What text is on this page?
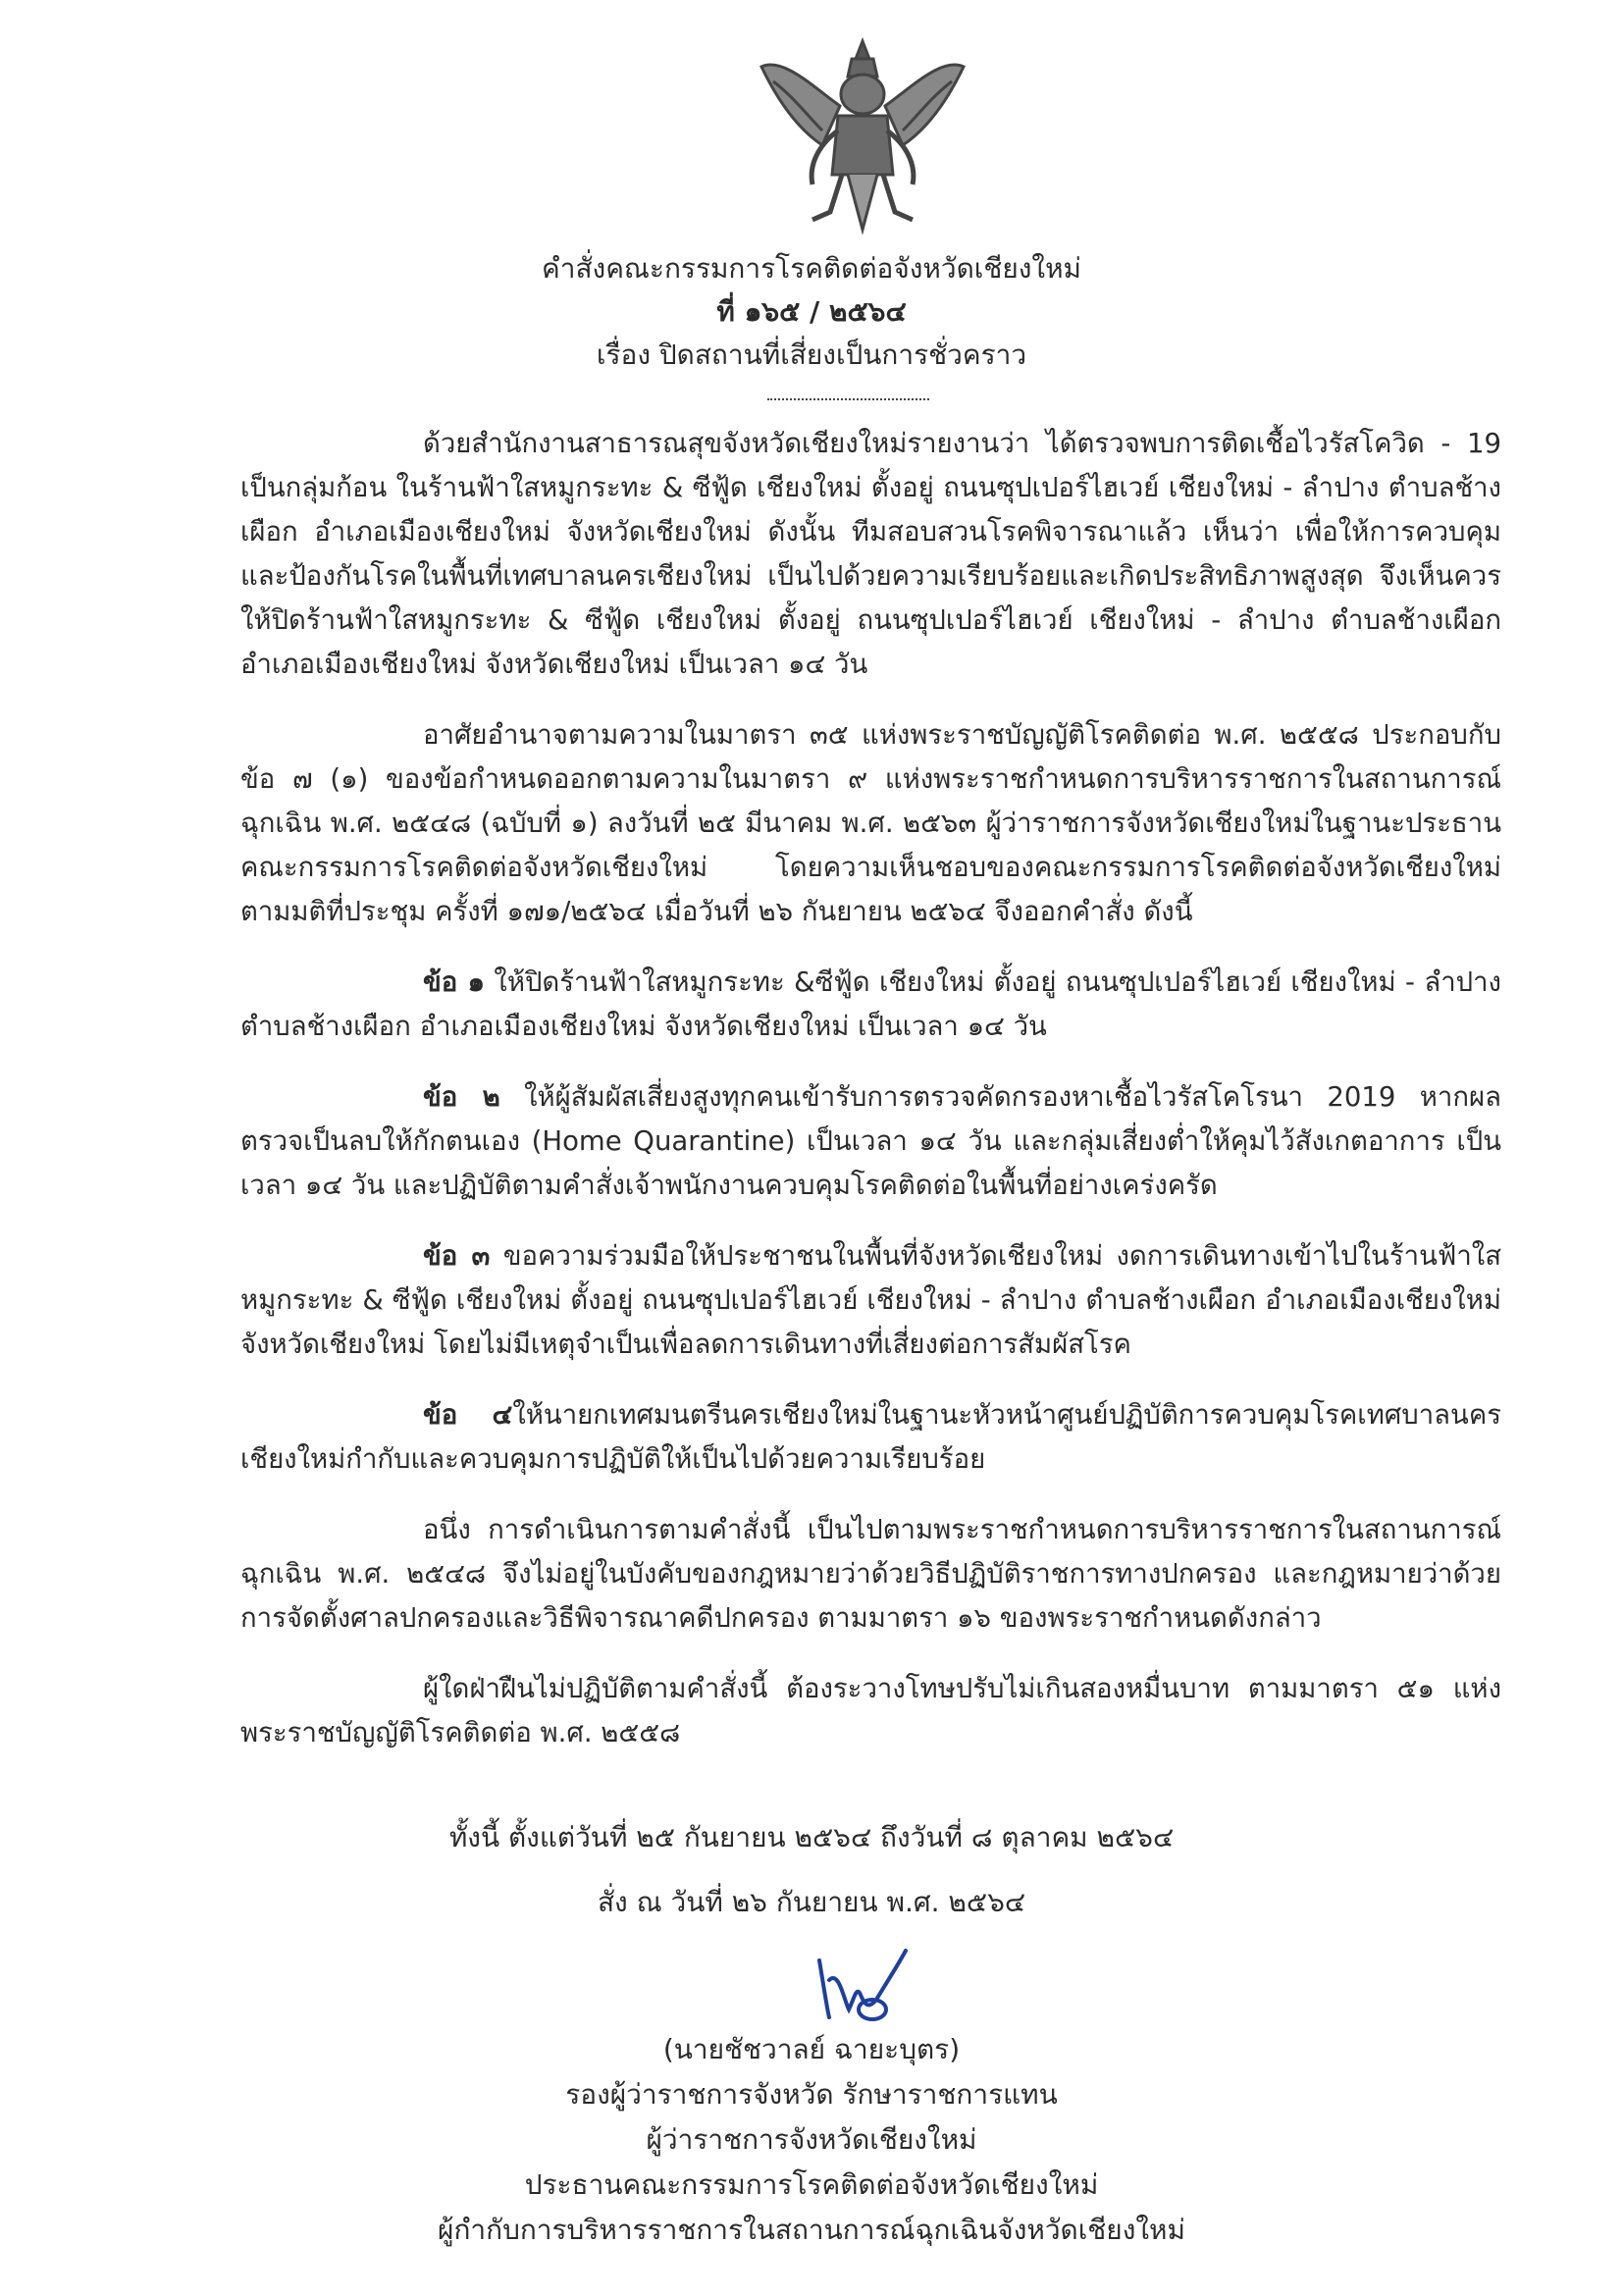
คำสั่งคณะกรรมการโรคติดต่อจังหวัดเชียงใหม่
ที่ ๑๖๕ / ๒๕๖๔
เรื่อง ปิดสถานที่เสี่ยงเป็นการชั่วคราว

ด้วยสำนักงานสาธารณสุขจังหวัดเชียงใหม่รายงานว่า ได้ตรวจพบการติดเชื้อไวรัสโควิด - 19 เป็นกลุ่มก้อน ในร้านฟ้าใสหมูกระทะ & ซีฟู้ด เชียงใหม่ ตั้งอยู่ ถนนซุปเปอร์ไฮเวย์ เชียงใหม่ - ลำปาง ตำบลช้างเผือก อำเภอเมืองเชียงใหม่ จังหวัดเชียงใหม่ ดังนั้น ทีมสอบสวนโรคพิจารณาแล้ว เห็นว่า เพื่อให้การควบคุมและป้องกันโรคในพื้นที่เทศบาลนครเชียงใหม่ เป็นไปด้วยความเรียบร้อยและเกิดประสิทธิภาพสูงสุด จึงเห็นควรให้ปิดร้านฟ้าใสหมูกระทะ & ซีฟู้ด เชียงใหม่ ตั้งอยู่ ถนนซุปเปอร์ไฮเวย์ เชียงใหม่ - ลำปาง ตำบลช้างเผือก อำเภอเมืองเชียงใหม่ จังหวัดเชียงใหม่ เป็นเวลา ๑๔ วัน

อาศัยอำนาจตามความในมาตรา ๓๕ แห่งพระราชบัญญัติโรคติดต่อ พ.ศ. ๒๕๕๘ ประกอบกับ ข้อ ๗ (๑) ของข้อกำหนดออกตามความในมาตรา ๙ แห่งพระราชกำหนดการบริหารราชการในสถานการณ์ฉุกเฉิน พ.ศ. ๒๕๔๘ (ฉบับที่ ๑) ลงวันที่ ๒๕ มีนาคม พ.ศ. ๒๕๖๓ ผู้ว่าราชการจังหวัดเชียงใหม่ในฐานะประธานคณะกรรมการโรคติดต่อจังหวัดเชียงใหม่ โดยความเห็นชอบของคณะกรรมการโรคติดต่อจังหวัดเชียงใหม่ ตามมติที่ประชุม ครั้งที่ ๑๗๑/๒๕๖๔ เมื่อวันที่ ๒๖ กันยายน ๒๕๖๔ จึงออกคำสั่ง ดังนี้

ข้อ ๑ ให้ปิดร้านฟ้าใสหมูกระทะ &ซีฟู้ด เชียงใหม่ ตั้งอยู่ ถนนซุปเปอร์ไฮเวย์ เชียงใหม่ - ลำปาง ตำบลช้างเผือก อำเภอเมืองเชียงใหม่ จังหวัดเชียงใหม่ เป็นเวลา ๑๔ วัน

ข้อ ๒ ให้ผู้สัมผัสเสี่ยงสูงทุกคนเข้ารับการตรวจคัดกรองหาเชื้อไวรัสโคโรนา 2019 หากผลตรวจเป็นลบให้กักตนเอง (Home Quarantine) เป็นเวลา ๑๔ วัน และกลุ่มเสี่ยงต่ำให้คุมไว้สังเกตอาการ เป็นเวลา ๑๔ วัน และปฏิบัติตามคำสั่งเจ้าพนักงานควบคุมโรคติดต่อในพื้นที่อย่างเคร่งครัด

ข้อ ๓ ขอความร่วมมือให้ประชาชนในพื้นที่จังหวัดเชียงใหม่ งดการเดินทางเข้าไปในร้านฟ้าใสหมูกระทะ & ซีฟู้ด เชียงใหม่ ตั้งอยู่ ถนนซุปเปอร์ไฮเวย์ เชียงใหม่ - ลำปาง ตำบลช้างเผือก อำเภอเมืองเชียงใหม่ จังหวัดเชียงใหม่ โดยไม่มีเหตุจำเป็นเพื่อลดการเดินทางที่เสี่ยงต่อการสัมผัสโรค

ข้อ ๔ให้นายกเทศมนตรีนครเชียงใหม่ในฐานะหัวหน้าศูนย์ปฏิบัติการควบคุมโรคเทศบาลนครเชียงใหม่กำกับและควบคุมการปฏิบัติให้เป็นไปด้วยความเรียบร้อย

อนึ่ง การดำเนินการตามคำสั่งนี้ เป็นไปตามพระราชกำหนดการบริหารราชการในสถานการณ์ฉุกเฉิน พ.ศ. ๒๕๔๘ จึงไม่อยู่ในบังคับของกฎหมายว่าด้วยวิธีปฏิบัติราชการทางปกครอง และกฎหมายว่าด้วยการจัดตั้งศาลปกครองและวิธีพิจารณาคดีปกครอง ตามมาตรา ๑๖ ของพระราชกำหนดดังกล่าว

ผู้ใดฝ่าฝืนไม่ปฏิบัติตามคำสั่งนี้ ต้องระวางโทษปรับไม่เกินสองหมื่นบาท ตามมาตรา ๕๑ แห่งพระราชบัญญัติโรคติดต่อ พ.ศ. ๒๕๕๘

ทั้งนี้ ตั้งแต่วันที่ ๒๕ กันยายน ๒๕๖๔ ถึงวันที่ ๘ ตุลาคม ๒๕๖๔
สั่ง ณ วันที่ ๒๖ กันยายน พ.ศ. ๒๕๖๔
(นายชัชวาลย์ ฉายะบุตร)
รองผู้ว่าราชการจังหวัด รักษาราชการแทน
ผู้ว่าราชการจังหวัดเชียงใหม่
ประธานคณะกรรมการโรคติดต่อจังหวัดเชียงใหม่
ผู้กำกับการบริหารราชการในสถานการณ์ฉุกเฉินจังหวัดเชียงใหม่
